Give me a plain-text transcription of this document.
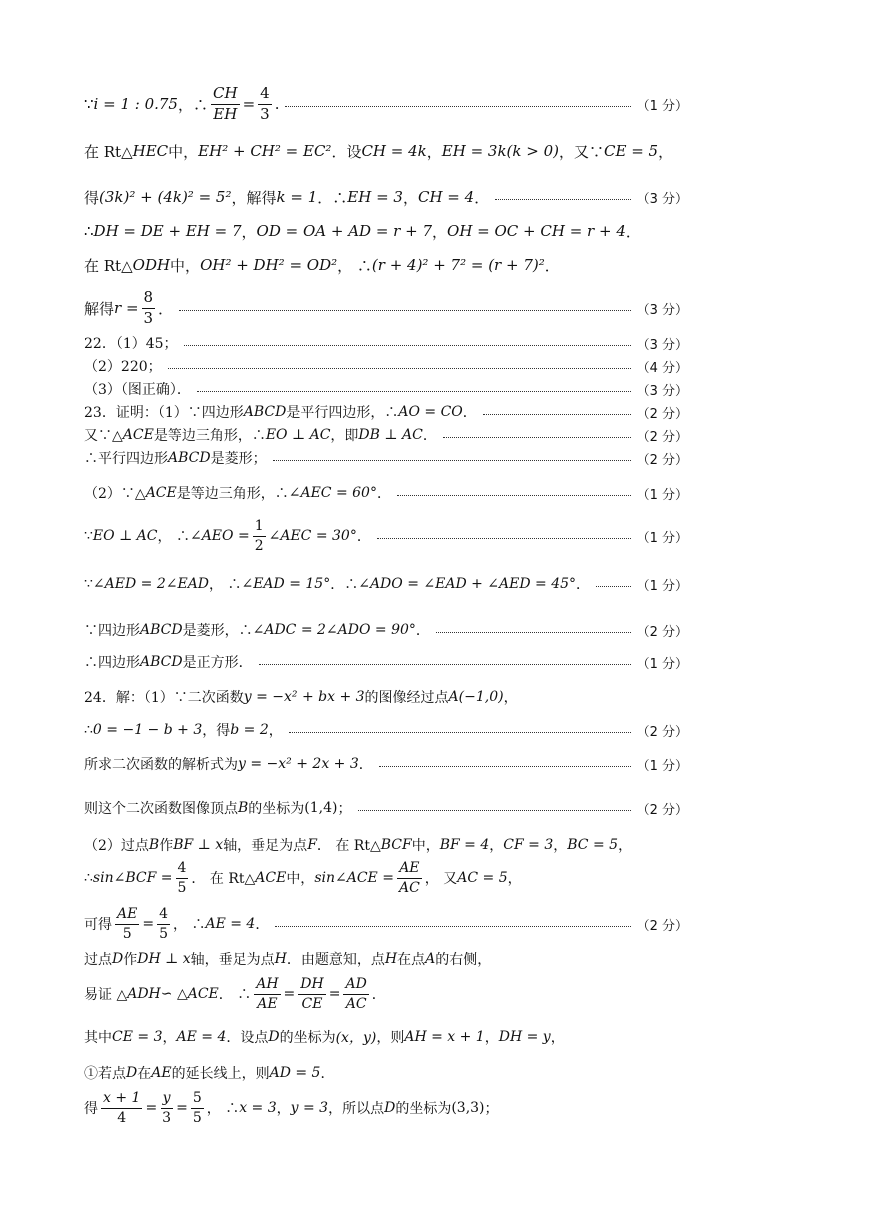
∵ i = 1 : 0.75 ，∴ $\frac{CH}{EH} = \frac{4}{3}$ .	（1 分）
在 Rt△ HEC 中， EH² + CH² = EC² ．设 CH = 4k ， EH = 3k(k > 0) ，又∵ CE = 5 ，
得 (3k)² + (4k)² = 5² ，解得 k = 1 ．∴ EH = 3 ， CH = 4 ．	（3 分）
∴ DH = DE + EH = 7 ， OD = OA + AD = r + 7 ， OH = OC + CH = r + 4 ．
在 Rt△ ODH 中， OH² + DH² = OD² ， ∴ (r + 4)² + 7² = (r + 7)² ．
解得 $r = \frac{8}{3}$ ．	（3 分）
22．（1）45；	（3 分）
（2）220；	（4 分）
（3）（图正确）．	（3 分）
23．证明：（1）∵四边形 ABCD 是平行四边形，∴ AO = CO ．	（2 分）
又∵△ ACE 是等边三角形，∴ EO ⊥ AC ，即 DB ⊥ AC ．	（2 分）
∴平行四边形 ABCD 是菱形；	（2 分）
（2）∵△ ACE 是等边三角形，∴ ∠AEC = 60° ．	（1 分）
∵ EO ⊥ AC ， ∴ ∠AEO = $\frac{1}{2}$ ∠AEC = 30° ．	（1 分）
∵ ∠AED = 2∠EAD ， ∴ ∠EAD = 15° ．∴ ∠ADO = ∠EAD + ∠AED = 45° ．	（1 分）
∵四边形 ABCD 是菱形，∴ ∠ADC = 2∠ADO = 90° ．	（2 分）
∴四边形 ABCD 是正方形．	（1 分）
24．解：（1）∵二次函数 y = −x² + bx + 3 的图像经过点 A(−1,0) ，
∴ 0 = −1 − b + 3 ，得 b = 2 ，	（2 分）
所求二次函数的解析式为 y = −x² + 2x + 3 ．	（1 分）
则这个二次函数图像顶点 B 的坐标为 (1,4) ；	（2 分）
（2）过点 B 作 BF ⊥ x 轴，垂足为点 F ． 在 Rt△ BCF 中， BF = 4 ， CF = 3 ， BC = 5 ，
∴ sin∠BCF = $\frac{4}{5}$ ． 在 Rt△ ACE 中， sin∠ACE = $\frac{AE}{AC}$ ， 又 AC = 5 ，
可得 $\frac{AE}{5} = \frac{4}{5}$ ， ∴ AE = 4 ．	（2 分）
过点 D 作 DH ⊥ x 轴，垂足为点 H ．由题意知，点 H 在点 A 的右侧，
易证 △ ADH ∽ △ ACE ． ∴ $\frac{AH}{AE} = \frac{DH}{CE} = \frac{AD}{AC}$ ．
其中 CE = 3 ， AE = 4 ．设点 D 的坐标为 (x，y) ，则 AH = x + 1 ， DH = y ，
①若点 D 在 AE 的延长线上，则 AD = 5 ．
得 $\frac{x + 1}{4} = \frac{y}{3} = \frac{5}{5}$ ， ∴ x = 3 ， y = 3 ，所以点 D 的坐标为 (3,3) ；
